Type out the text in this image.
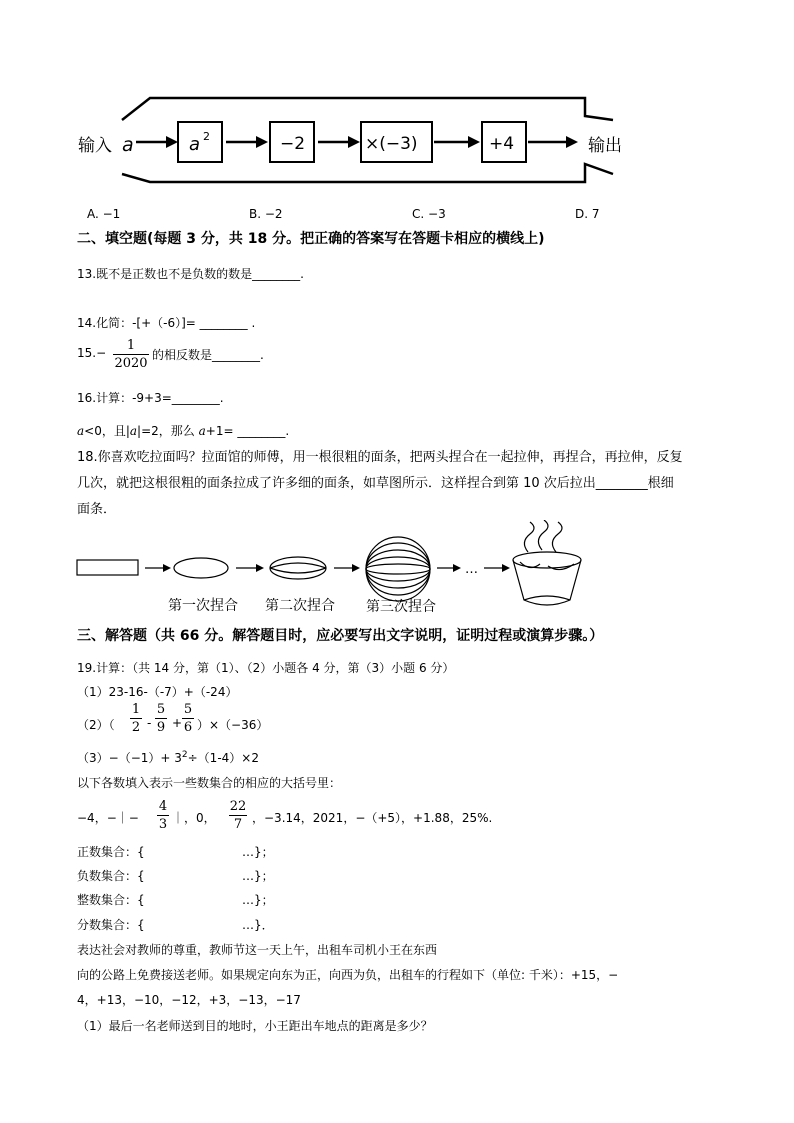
输入 a	a 2	−2	×(−3)	+4	输出
A. −1	B. −2	C. −3	D. 7
二、填空题(每题 3 分，共 18 分。把正确的答案写在答题卡相应的横线上)
13.既不是正数也不是负数的数是________.
14.化简：-[+（-6）]= ________ .
15.−	1
2020
的相反数是________.
16.计算：-9+3=________.
a<0，且|a|=2，那么 a+1= ________.
18.你喜欢吃拉面吗？拉面馆的师傅，用一根很粗的面条，把两头捏合在一起拉伸，再捏合，再拉伸，反复
几次，就把这根很粗的面条拉成了许多细的面条，如草图所示．这样捏合到第 10 次后拉出________根细
面条．
…
第一次捏合 第二次捏合 第三次捏合
三、解答题（共 66 分。解答题目时，应必要写出文字说明，证明过程或演算步骤。）
19.计算：（共 14 分，第（1）、（2）小题各 4 分，第（3）小题 6 分）
（1）23-16-（-7）+（-24）
（2）（
1
2 -
5
9 +
5
6 ）×（−36）
$(3)-(-1)+ 3^2\div(1-4)\times 2$
以下各数填入表示一些数集合的相应的大括号里：
−4，−｜−
4
3 ｜，0，
22
7 ，−3.14，2021，−（+5），+1.88，25%.
正数集合：{	…}；
负数集合：{	…}；
整数集合：{	…}；
分数集合：{	…}．
表达社会对教师的尊重，教师节这一天上午，出租车司机小王在东西
向的公路上免费接送老师。如果规定向东为正，向西为负，出租车的行程如下（单位: 千米）：+15，−
4，+13，−10，−12，+3，−13，−17
（1）最后一名老师送到目的地时，小王距出车地点的距离是多少？
